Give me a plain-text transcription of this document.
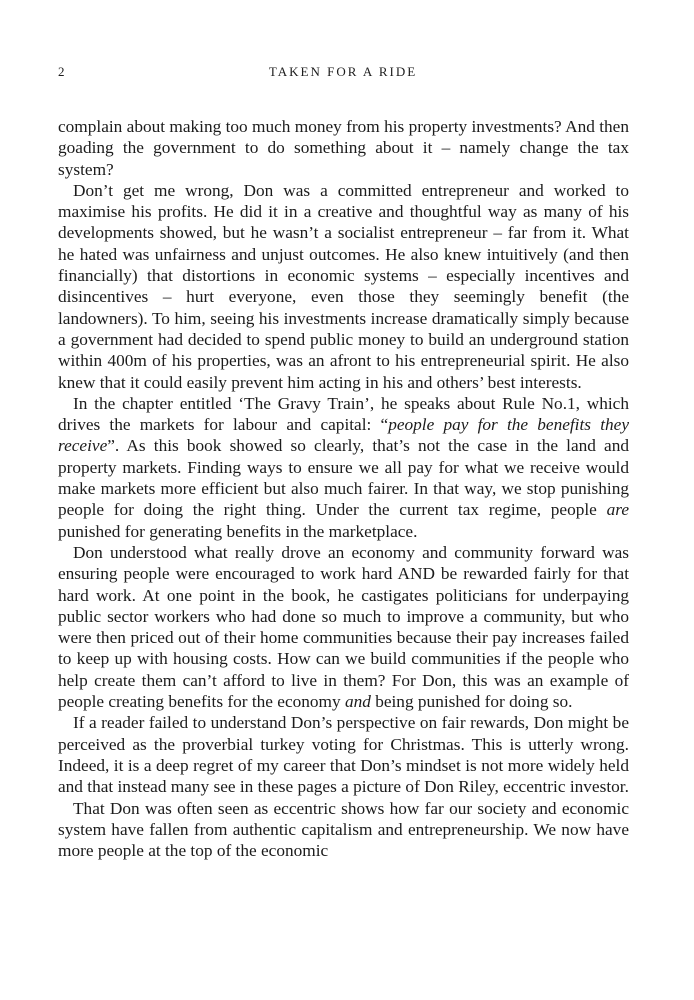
2	TAKEN FOR A RIDE

complain about making too much money from his property investments? And then goading the government to do something about it – namely change the tax system?

Don’t get me wrong, Don was a committed entrepreneur and worked to maximise his profits. He did it in a creative and thoughtful way as many of his developments showed, but he wasn’t a socialist entrepreneur – far from it. What he hated was unfairness and unjust outcomes. He also knew intuitively (and then financially) that distortions in economic systems – especially incentives and disincentives – hurt everyone, even those they seemingly benefit (the landowners). To him, seeing his investments increase dramatically simply because a government had decided to spend public money to build an underground station within 400m of his properties, was an afront to his entrepreneurial spirit. He also knew that it could easily prevent him acting in his and others’ best interests.

In the chapter entitled ‘The Gravy Train’, he speaks about Rule No.1, which drives the markets for labour and capital: “people pay for the benefits they receive”. As this book showed so clearly, that’s not the case in the land and property markets. Finding ways to ensure we all pay for what we receive would make markets more efficient but also much fairer. In that way, we stop punishing people for doing the right thing. Under the current tax regime, people are punished for generating benefits in the marketplace.

Don understood what really drove an economy and community forward was ensuring people were encouraged to work hard AND be rewarded fairly for that hard work. At one point in the book, he castigates politicians for underpaying public sector workers who had done so much to improve a community, but who were then priced out of their home communities because their pay increases failed to keep up with housing costs. How can we build communities if the people who help create them can’t afford to live in them? For Don, this was an example of people creating benefits for the economy and being punished for doing so.

If a reader failed to understand Don’s perspective on fair rewards, Don might be perceived as the proverbial turkey voting for Christmas. This is utterly wrong. Indeed, it is a deep regret of my career that Don’s mindset is not more widely held and that instead many see in these pages a picture of Don Riley, eccentric investor.

That Don was often seen as eccentric shows how far our society and economic system have fallen from authentic capitalism and entrepreneurship. We now have more people at the top of the economic
